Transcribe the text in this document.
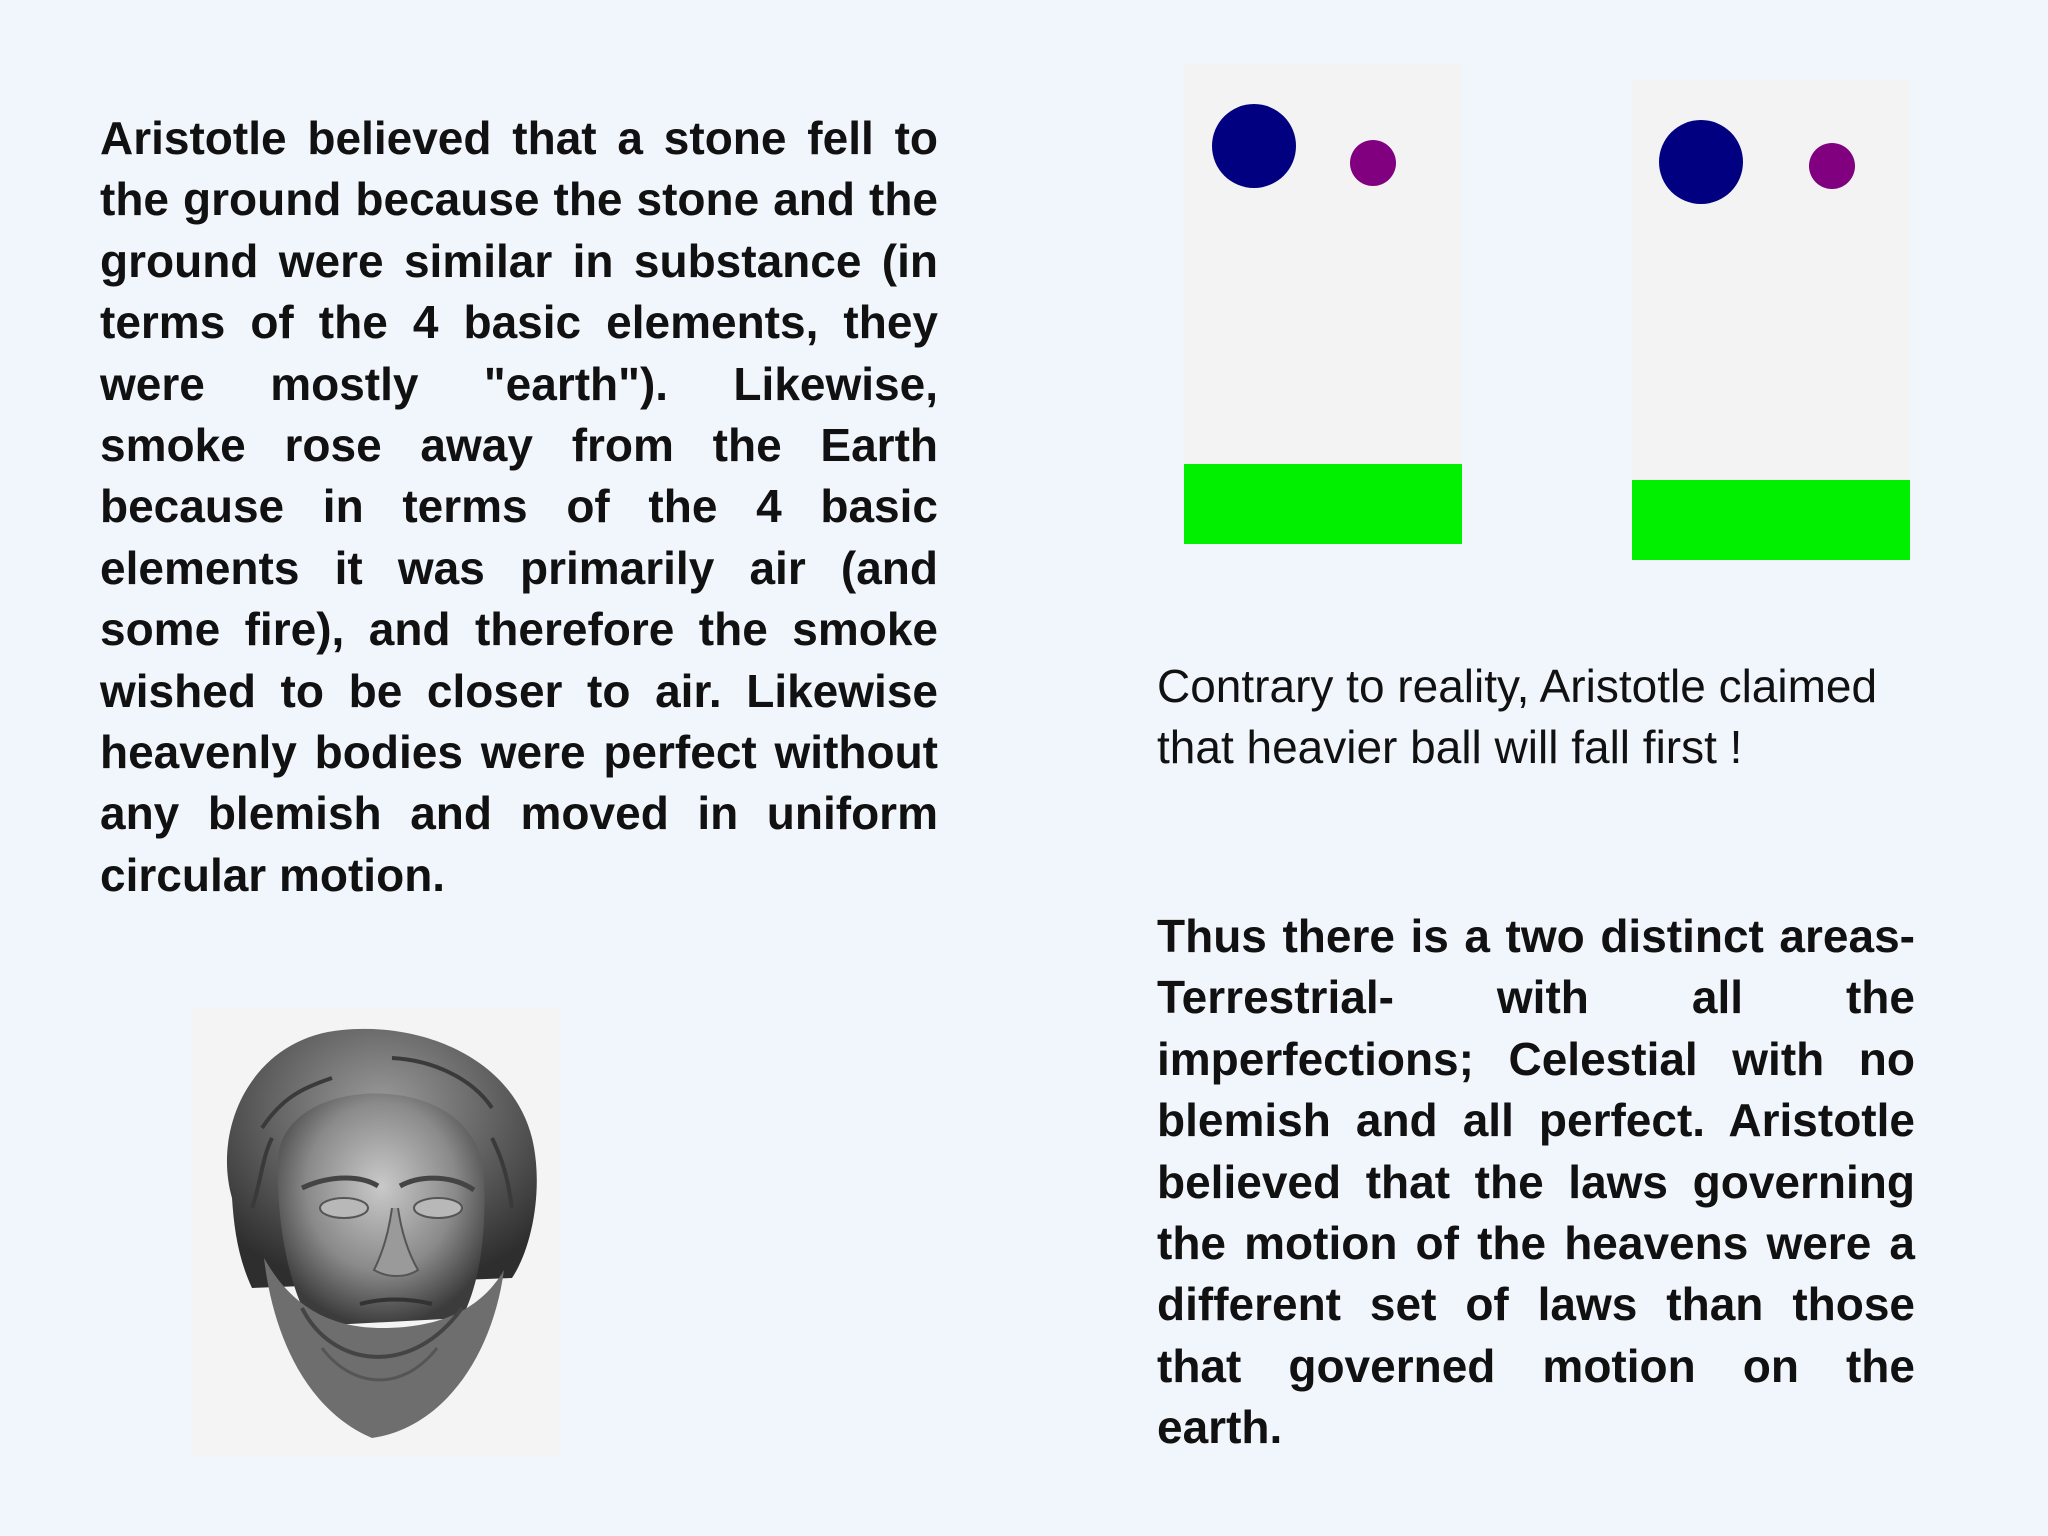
Aristotle believed that a stone fell to the ground because the stone and the ground were similar in substance (in terms of the 4 basic elements, they were mostly "earth"). Likewise, smoke rose away from the Earth because in terms of the 4 basic elements it was primarily air (and some fire), and therefore the smoke wished to be closer to air. Likewise heavenly bodies were perfect without any blemish and moved in uniform circular motion.

Contrary to reality, Aristotle claimed that heavier ball will fall first !

Thus there is a two distinct areas- Terrestrial- with all the imperfections; Celestial with no blemish and all perfect. Aristotle believed that the laws governing the motion of the heavens were a different set of laws than those that governed motion on the earth.
